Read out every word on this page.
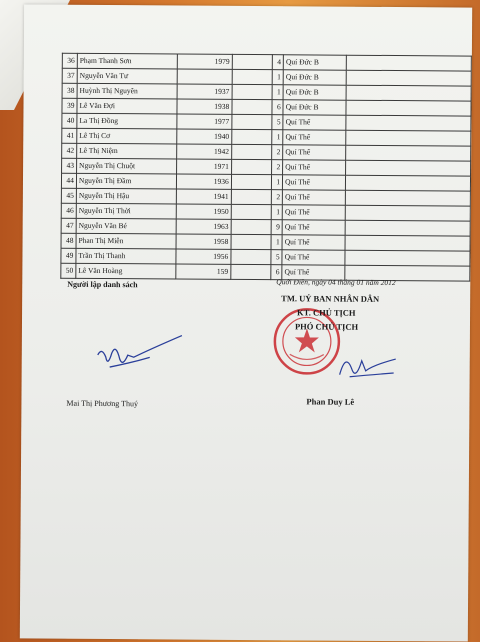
36	Phạm Thanh Sơn	1979		4	Quí Đức B	
37	Nguyễn Văn Tư			1	Quí Đức B	
38	Huỳnh Thị Nguyên	1937		1	Quí Đức B	
39	Lê Văn Đợi	1938		6	Quí Đức B	
40	La Thị Đồng	1977		5	Quí Thế	
41	Lê Thị Cơ	1940		1	Quí Thế	
42	Lê Thị Niệm	1942		2	Quí Thế	
43	Nguyễn Thị Chuột	1971		2	Quí Thế	
44	Nguyễn Thị Đầm	1936		1	Quí Thế	
45	Nguyễn Thị Hậu	1941		2	Quí Thế	
46	Nguyễn Thị Thời	1950		1	Quí Thế	
47	Nguyễn Văn Bé	1963		9	Quí Thế	
48	Phan Thị Miễn	1958		1	Quí Thế	
49	Trần Thị Thanh	1956		5	Quí Thế	
50	Lê Văn Hoàng	159		6	Quí Thế	
Người lập danh sách	Quới Điền, ngày 04 tháng 01 năm 2012
TM. UỶ BAN NHÂN DÂN
KT. CHỦ TỊCH
PHÓ CHỦ TỊCH
Mai Thị Phương Thuý	Phan Duy Lê
